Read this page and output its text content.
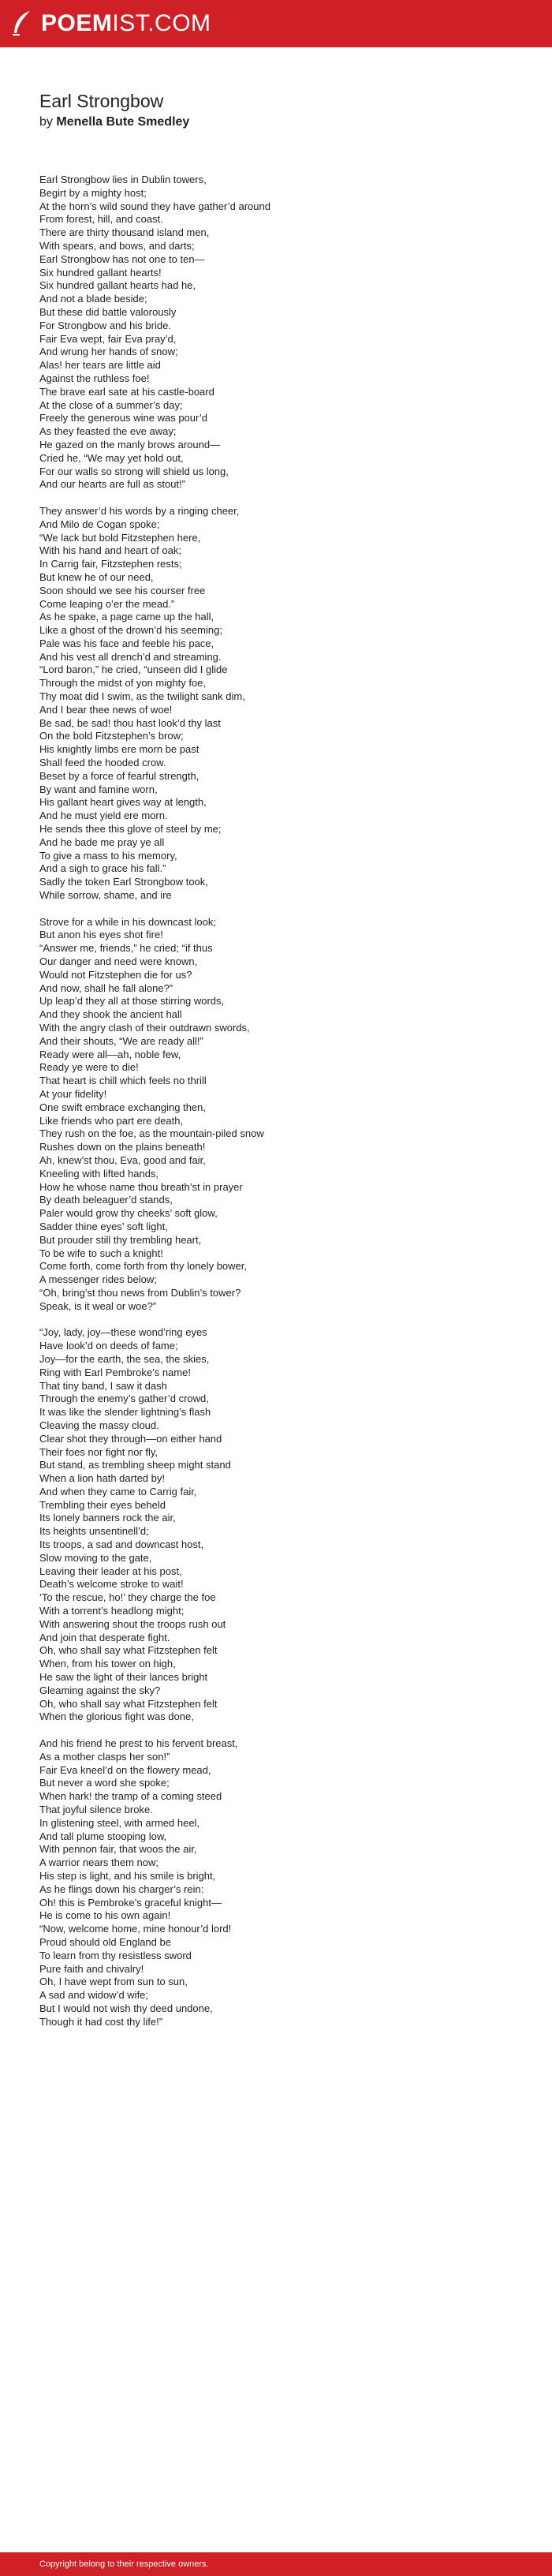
POEMIST.COM
Earl Strongbow
by Menella Bute Smedley

Earl Strongbow lies in Dublin towers,
Begirt by a mighty host;
At the horn’s wild sound they have gather’d around
From forest, hill, and coast.
There are thirty thousand island men,
With spears, and bows, and darts;
Earl Strongbow has not one to ten—
Six hundred gallant hearts!
Six hundred gallant hearts had he,
And not a blade beside;
But these did battle valorously
For Strongbow and his bride.
Fair Eva wept, fair Eva pray’d,
And wrung her hands of snow;
Alas! her tears are little aid
Against the ruthless foe!
The brave earl sate at his castle-board
At the close of a summer’s day;
Freely the generous wine was pour’d
As they feasted the eve away;
He gazed on the manly brows around—
Cried he, “We may yet hold out,
For our walls so strong will shield us long,
And our hearts are full as stout!”

They answer’d his words by a ringing cheer,
And Milo de Cogan spoke;
“We lack but bold Fitzstephen here,
With his hand and heart of oak;
In Carrig fair, Fitzstephen rests;
But knew he of our need,
Soon should we see his courser free
Come leaping o’er the mead.”
As he spake, a page came up the hall,
Like a ghost of the drown’d his seeming;
Pale was his face and feeble his pace,
And his vest all drench’d and streaming.
“Lord baron,” he cried, “unseen did I glide
Through the midst of yon mighty foe,
Thy moat did I swim, as the twilight sank dim,
And I bear thee news of woe!
Be sad, be sad! thou hast look’d thy last
On the bold Fitzstephen’s brow;
His knightly limbs ere morn be past
Shall feed the hooded crow.
Beset by a force of fearful strength,
By want and famine worn,
His gallant heart gives way at length,
And he must yield ere morn.
He sends thee this glove of steel by me;
And he bade me pray ye all
To give a mass to his memory,
And a sigh to grace his fall.”
Sadly the token Earl Strongbow took,
While sorrow, shame, and ire

Strove for a while in his downcast look;
But anon his eyes shot fire!
“Answer me, friends,” he cried; “if thus
Our danger and need were known,
Would not Fitzstephen die for us?
And now, shall he fall alone?”
Up leap’d they all at those stirring words,
And they shook the ancient hall
With the angry clash of their outdrawn swords,
And their shouts, “We are ready all!”
Ready were all—ah, noble few,
Ready ye were to die!
That heart is chill which feels no thrill
At your fidelity!
One swift embrace exchanging then,
Like friends who part ere death,
They rush on the foe, as the mountain-piled snow
Rushes down on the plains beneath!
Ah, knew’st thou, Eva, good and fair,
Kneeling with lifted hands,
How he whose name thou breath’st in prayer
By death beleaguer’d stands,
Paler would grow thy cheeks’ soft glow,
Sadder thine eyes’ soft light,
But prouder still thy trembling heart,
To be wife to such a knight!
Come forth, come forth from thy lonely bower,
A messenger rides below;
“Oh, bring’st thou news from Dublin’s tower?
Speak, is it weal or woe?”

“Joy, lady, joy—these wond’ring eyes
Have look’d on deeds of fame;
Joy—for the earth, the sea, the skies,
Ring with Earl Pembroke’s name!
That tiny band, I saw it dash
Through the enemy’s gather’d crowd,
It was like the slender lightning’s flash
Cleaving the massy cloud.
Clear shot they through—on either hand
Their foes nor fight nor fly,
But stand, as trembling sheep might stand
When a lion hath darted by!
And when they came to Carrig fair,
Trembling their eyes beheld
Its lonely banners rock the air,
Its heights unsentinell’d;
Its troops, a sad and downcast host,
Slow moving to the gate,
Leaving their leader at his post,
Death’s welcome stroke to wait!
‘To the rescue, ho!’ they charge the foe
With a torrent’s headlong might;
With answering shout the troops rush out
And join that desperate fight.
Oh, who shall say what Fitzstephen felt
When, from his tower on high,
He saw the light of their lances bright
Gleaming against the sky?
Oh, who shall say what Fitzstephen felt
When the glorious fight was done,

And his friend he prest to his fervent breast,
As a mother clasps her son!”
Fair Eva kneel’d on the flowery mead,
But never a word she spoke;
When hark! the tramp of a coming steed
That joyful silence broke.
In glistening steel, with armed heel,
And tall plume stooping low,
With pennon fair, that woos the air,
A warrior nears them now;
His step is light, and his smile is bright,
As he flings down his charger’s rein:
Oh! this is Pembroke’s graceful knight—
He is come to his own again!
“Now, welcome home, mine honour’d lord!
Proud should old England be
To learn from thy resistless sword
Pure faith and chivalry!
Oh, I have wept from sun to sun,
A sad and widow’d wife;
But I would not wish thy deed undone,
Though it had cost thy life!”

Copyright belong to their respective owners.
